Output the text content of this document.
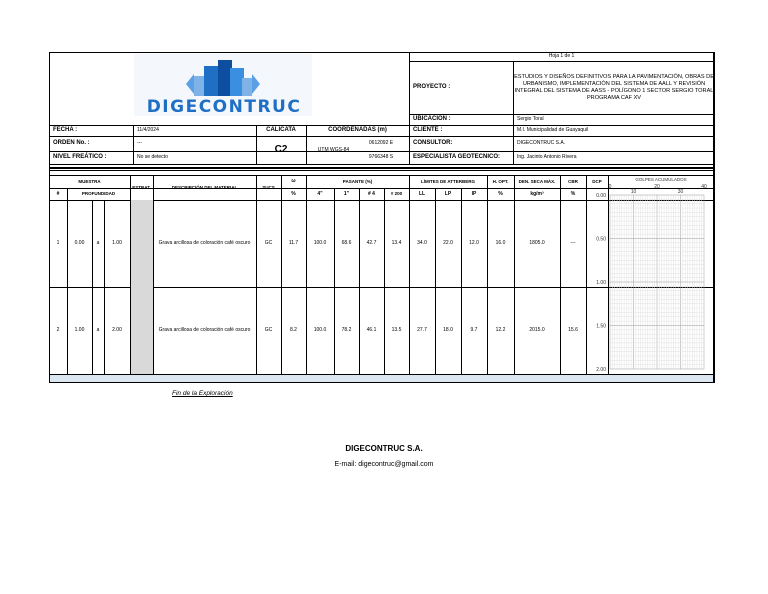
DIGECONTRUC
Hoja 1 de 1
PROYECTO :
ESTUDIOS Y DISEÑOS DEFINITIVOS PARA LA PAVIMENTACIÓN, OBRAS DE URBANISMO, IMPLEMENTACIÓN DEL SISTEMA DE AALL Y REVISIÓN INTEGRAL DEL SISTEMA DE AASS - POLÍGONO 1 SECTOR SERGIO TORAL PROGRAMA CAF XV
UBICACIÓN :	Sergio Toral
FECHA :	11/4/2024
ORDEN No. :	---
NIVEL FREÁTICO :	No se detecto
CALICATA
C2
COORDENADAS (m)
UTM WGS-84
0612092 E
9766348 S
CLIENTE :	M.I. Municipalidad de Guayaquil
CONSULTOR:	DIGECONTRUC S.A.
ESPECIALISTA GEOTECNICO:	Ing. Jacinto Antonio Rivera
MUESTRA
#	PROFUNDIDAD
ESTRAT.	DESCRIPCIÓN DEL MATERIAL	SUCS
ω
%
PASANTE (%)
4"	1"	# 4	# 200
LÍMITES DE ATTERBERG
LL	LP	IP
H. OPT.
%
DEN. SECA MÁX.
kg/m³
CBR
%
DCP
1	0.00	a	1.00	Grava arcillosa de coloración café oscuro	GC	11.7	100.0	68.6	42.7	13.4	34.0	22.0	12.0	16.0	1805.0	---
2	1.00	a	2.00	Grava arcillosa de coloración café oscuro	GC	8.2	100.0	78.2	46.1	13.5	27.7	18.0	9.7	12.2	2015.0	15.6
GOLPES ACUMULADOS
0
10
20
30
40
0.00
0.50
1.00
1.50
2.00
Fin de la Exploración
DIGECONTRUC S.A.
E-mail: digecontruc@gmail.com
